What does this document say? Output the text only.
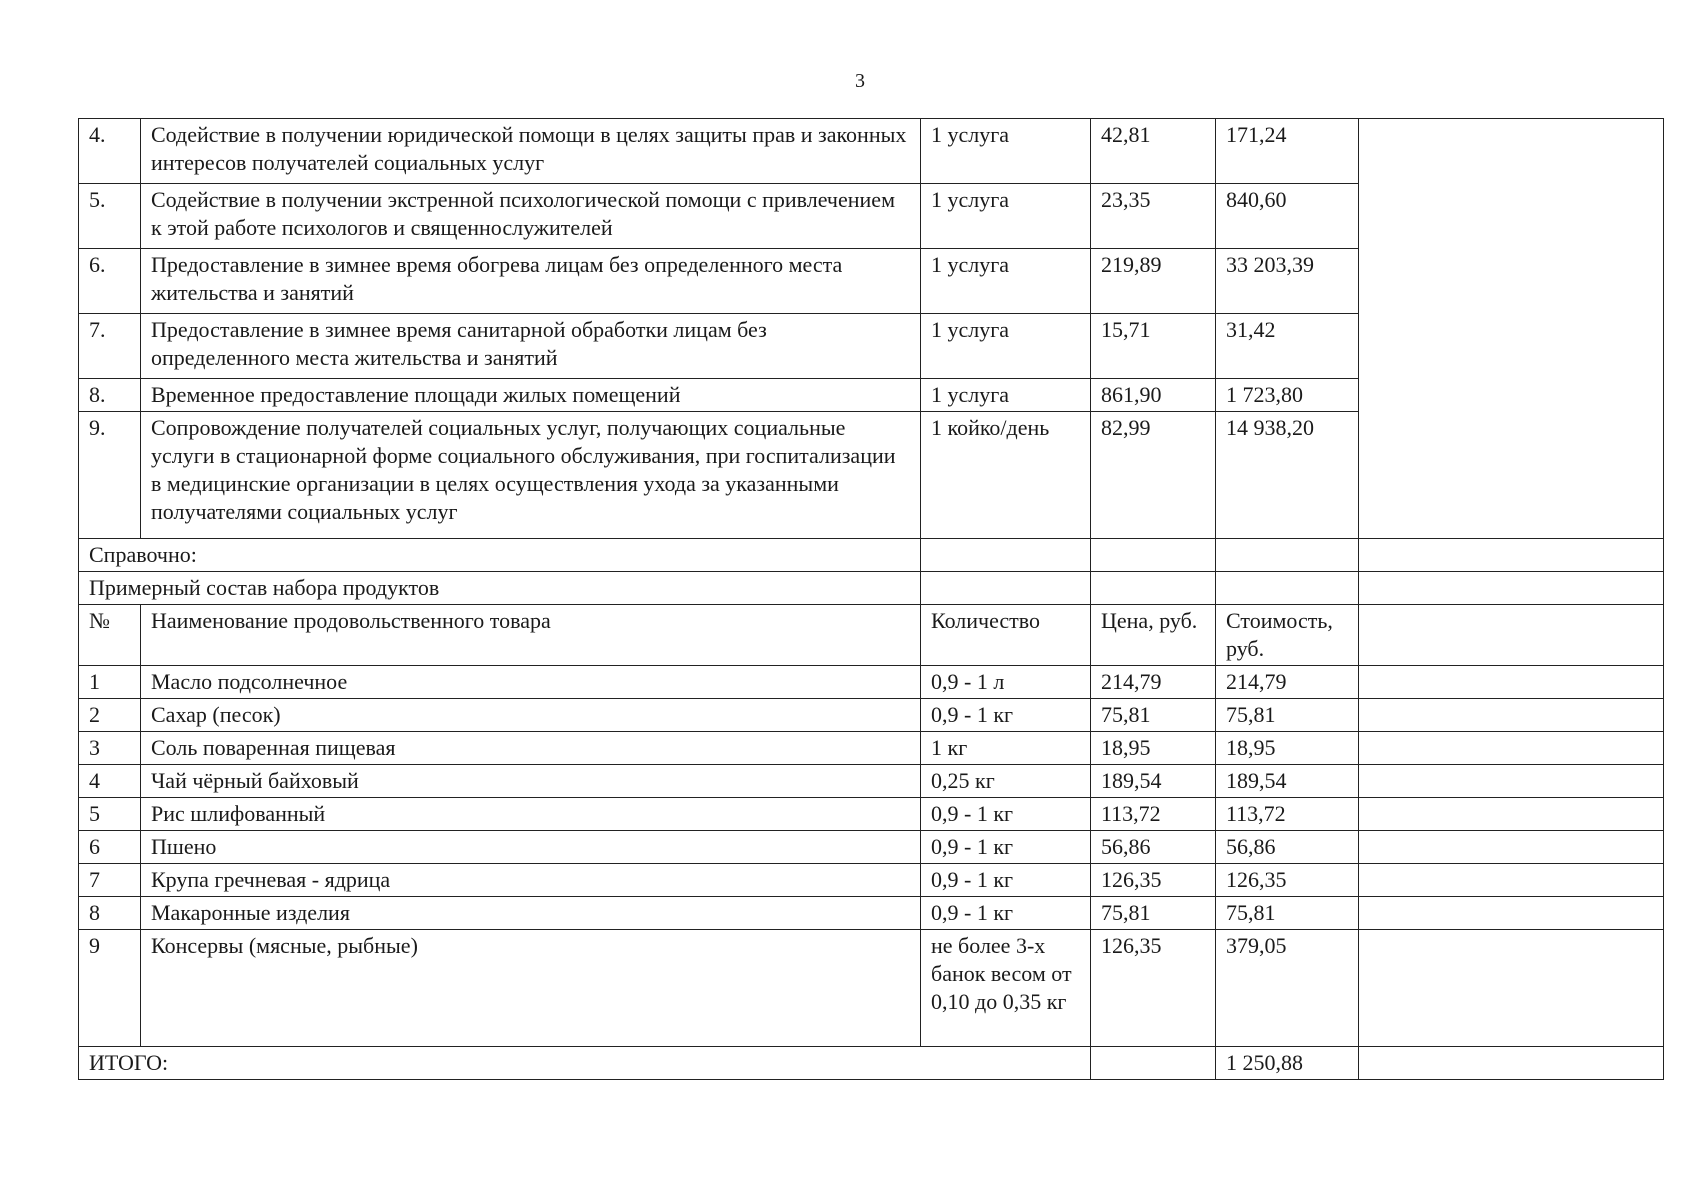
3
4.	Содействие в получении юридической помощи в целях защиты прав и законных интересов получателей социальных услуг	1 услуга	42,81	171,24	
5.	Содействие в получении экстренной психологической помощи с привлечением к этой работе психологов и священнослужителей	1 услуга	23,35	840,60	
6.	Предоставление в зимнее время обогрева лицам без определенного места жительства и занятий	1 услуга	219,89	33 203,39	
7.	Предоставление в зимнее время санитарной обработки лицам без определенного места жительства и занятий	1 услуга	15,71	31,42	
8.	Временное предоставление площади жилых помещений	1 услуга	861,90	1 723,80	
9.	Сопровождение получателей социальных услуг, получающих социальные услуги в стационарной форме социального обслуживания, при госпитализации в медицинские организации в целях осуществления ухода за указанными получателями социальных услуг	1 койко/день	82,99	14 938,20	
Справочно:					
Примерный состав набора продуктов					
№	Наименование продовольственного товара	Количество	Цена, руб.	Стоимость, руб.	
1	Масло подсолнечное	0,9 - 1 л	214,79	214,79	
2	Сахар (песок)	0,9 - 1 кг	75,81	75,81	
3	Соль поваренная пищевая	1 кг	18,95	18,95	
4	Чай чёрный байховый	0,25 кг	189,54	189,54	
5	Рис шлифованный	0,9 - 1 кг	113,72	113,72	
6	Пшено	0,9 - 1 кг	56,86	56,86	
7	Крупа гречневая - ядрица	0,9 - 1 кг	126,35	126,35	
8	Макаронные изделия	0,9 - 1 кг	75,81	75,81	
9	Консервы (мясные, рыбные)	не более 3-х банок весом от 0,10 до 0,35 кг	126,35	379,05	
ИТОГО:				1 250,88	
